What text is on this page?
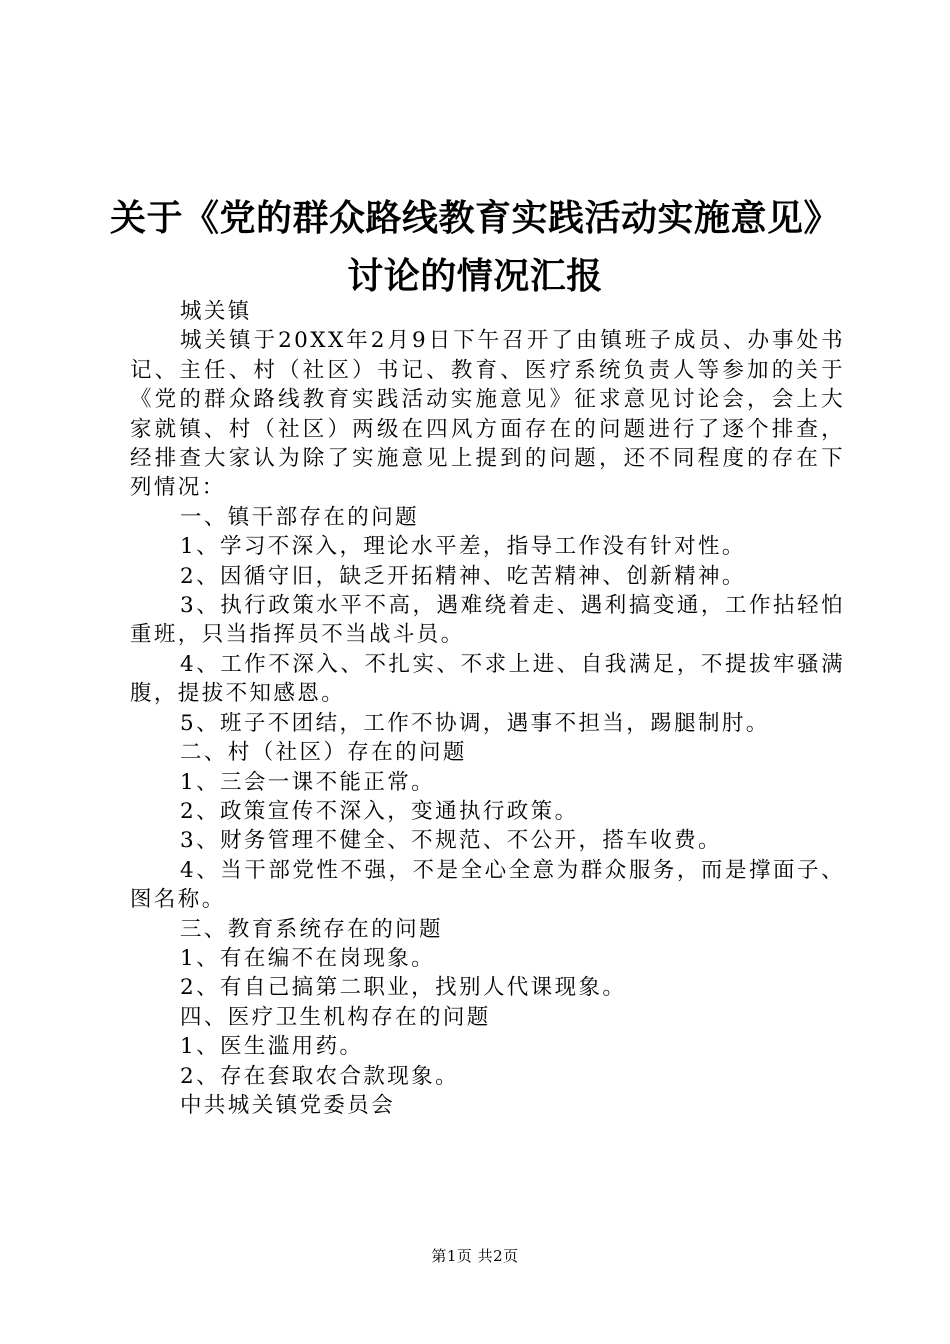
关于《党的群众路线教育实践活动实施意见》
讨论的情况汇报

城关镇

城关镇于20XX年2月9日下午召开了由镇班子成员、办事处书记、主任、村（社区）书记、教育、医疗系统负责人等参加的关于《党的群众路线教育实践活动实施意见》征求意见讨论会，会上大家就镇、村（社区）两级在四风方面存在的问题进行了逐个排查，经排查大家认为除了实施意见上提到的问题，还不同程度的存在下列情况：

一、镇干部存在的问题

1、学习不深入，理论水平差，指导工作没有针对性。

2、因循守旧，缺乏开拓精神、吃苦精神、创新精神。

3、执行政策水平不高，遇难绕着走、遇利搞变通，工作拈轻怕重班，只当指挥员不当战斗员。

4、工作不深入、不扎实、不求上进、自我满足，不提拔牢骚满腹，提拔不知感恩。

5、班子不团结，工作不协调，遇事不担当，踢腿制肘。

二、村（社区）存在的问题

1、三会一课不能正常。

2、政策宣传不深入，变通执行政策。

3、财务管理不健全、不规范、不公开，搭车收费。

4、当干部党性不强，不是全心全意为群众服务，而是撑面子、图名称。

三、教育系统存在的问题

1、有在编不在岗现象。

2、有自己搞第二职业，找别人代课现象。

四、医疗卫生机构存在的问题

1、医生滥用药。

2、存在套取农合款现象。

中共城关镇党委员会

第1页 共2页
